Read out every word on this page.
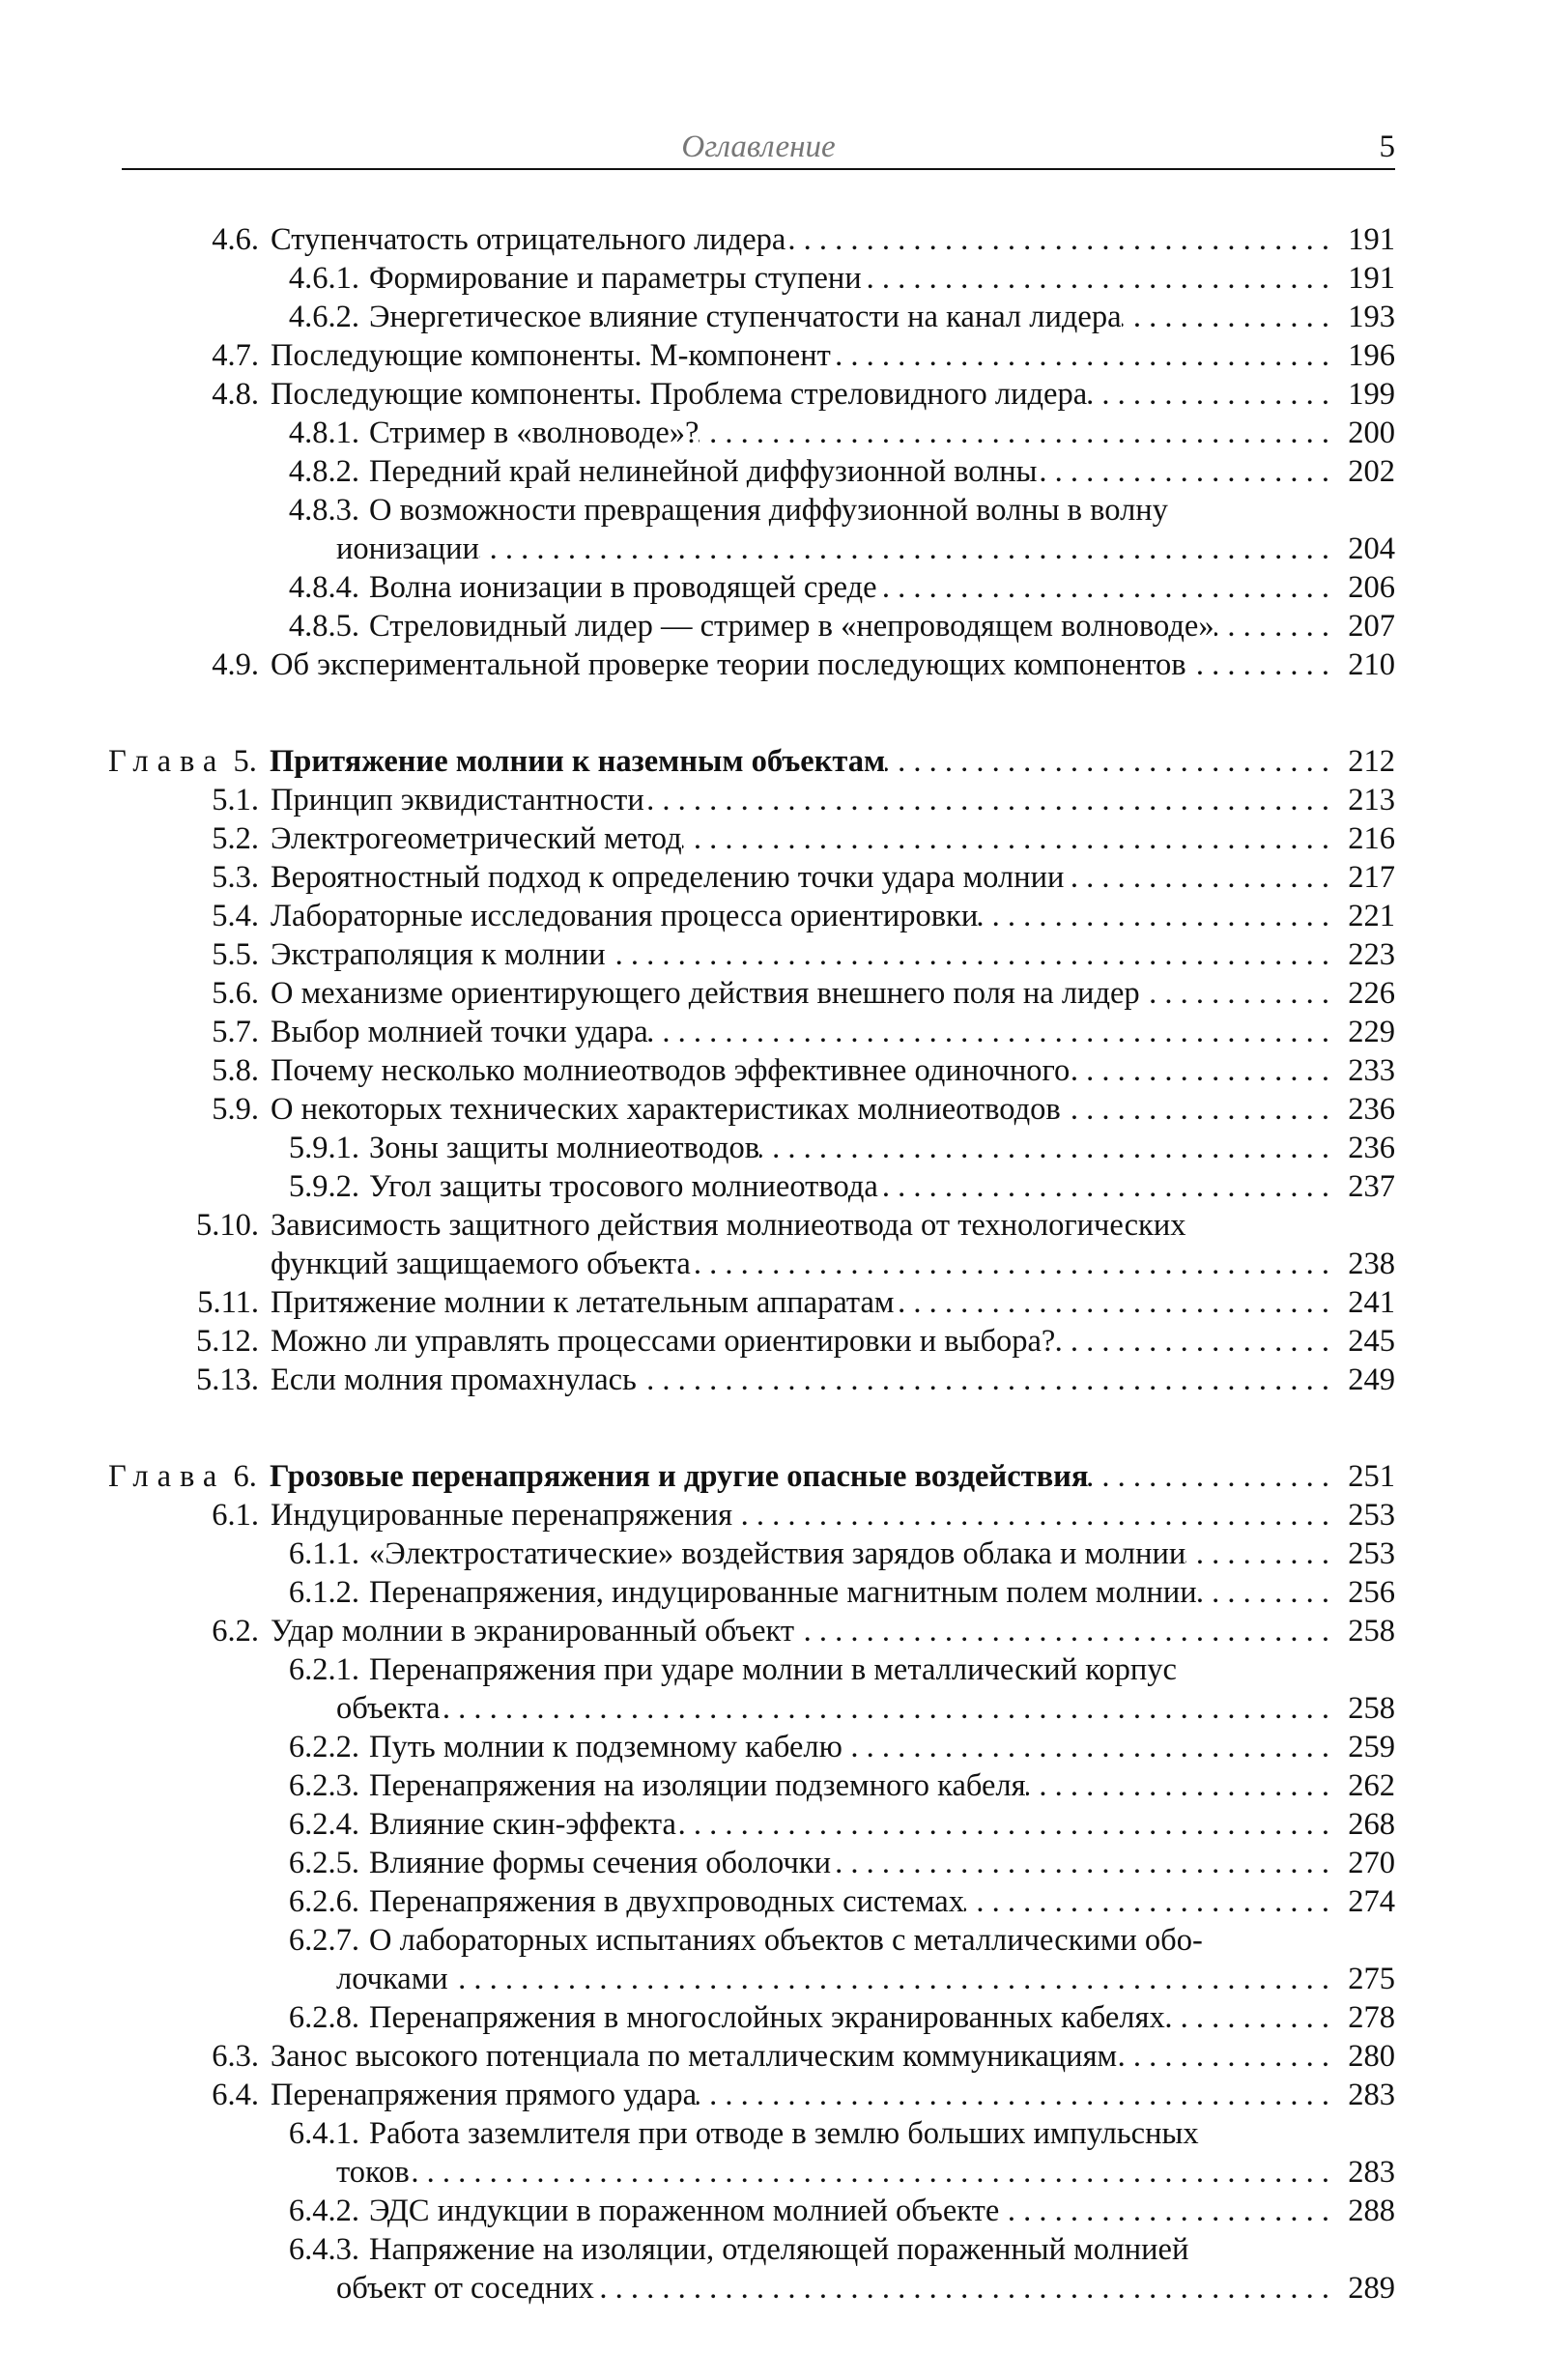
Оглавление	5
4.6. Ступенчатость отрицательного лидера . . .	191
4.6.1. Формирование и параметры ступени . . .	191
4.6.2. Энергетическое влияние ступенчатости на канал лидера . . .	193
4.7. Последующие компоненты. М-компонент . . .	196
4.8. Последующие компоненты. Проблема стреловидного лидера . . .	199
4.8.1. Стример в «волноводе»? . . .	200
4.8.2. Передний край нелинейной диффузионной волны . . .	202
4.8.3. О возможности превращения диффузионной волны в волну
ионизации . . .	204
4.8.4. Волна ионизации в проводящей среде . . .	206
4.8.5. Стреловидный лидер — стример в «непроводящем волноводе» . . .	207
4.9. Об экспериментальной проверке теории последующих компонентов . . .	210
Глава 5. Притяжение молнии к наземным объектам . . .	212
5.1. Принцип эквидистантности . . .	213
5.2. Электрогеометрический метод . . .	216
5.3. Вероятностный подход к определению точки удара молнии . . .	217
5.4. Лабораторные исследования процесса ориентировки . . .	221
5.5. Экстраполяция к молнии . . .	223
5.6. О механизме ориентирующего действия внешнего поля на лидер . . .	226
5.7. Выбор молнией точки удара . . .	229
5.8. Почему несколько молниеотводов эффективнее одиночного . . .	233
5.9. О некоторых технических характеристиках молниеотводов . . .	236
5.9.1. Зоны защиты молниеотводов . . .	236
5.9.2. Угол защиты тросового молниеотвода . . .	237
5.10. Зависимость защитного действия молниеотвода от технологических
функций защищаемого объекта . . .	238
5.11. Притяжение молнии к летательным аппаратам . . .	241
5.12. Можно ли управлять процессами ориентировки и выбора? . . .	245
5.13. Если молния промахнулась . . .	249
Глава 6. Грозовые перенапряжения и другие опасные воздействия . . .	251
6.1. Индуцированные перенапряжения . . .	253
6.1.1. «Электростатические» воздействия зарядов облака и молнии . . .	253
6.1.2. Перенапряжения, индуцированные магнитным полем молнии . . .	256
6.2. Удар молнии в экранированный объект . . .	258
6.2.1. Перенапряжения при ударе молнии в металлический корпус
объекта . . .	258
6.2.2. Путь молнии к подземному кабелю . . .	259
6.2.3. Перенапряжения на изоляции подземного кабеля . . .	262
6.2.4. Влияние скин-эффекта . . .	268
6.2.5. Влияние формы сечения оболочки . . .	270
6.2.6. Перенапряжения в двухпроводных системах . . .	274
6.2.7. О лабораторных испытаниях объектов с металлическими обо-
лочками . . .	275
6.2.8. Перенапряжения в многослойных экранированных кабелях . . .	278
6.3. Занос высокого потенциала по металлическим коммуникациям . . .	280
6.4. Перенапряжения прямого удара . . .	283
6.4.1. Работа заземлителя при отводе в землю больших импульсных
токов . . .	283
6.4.2. ЭДС индукции в пораженном молнией объекте . . .	288
6.4.3. Напряжение на изоляции, отделяющей пораженный молнией
объект от соседних . . .	289
